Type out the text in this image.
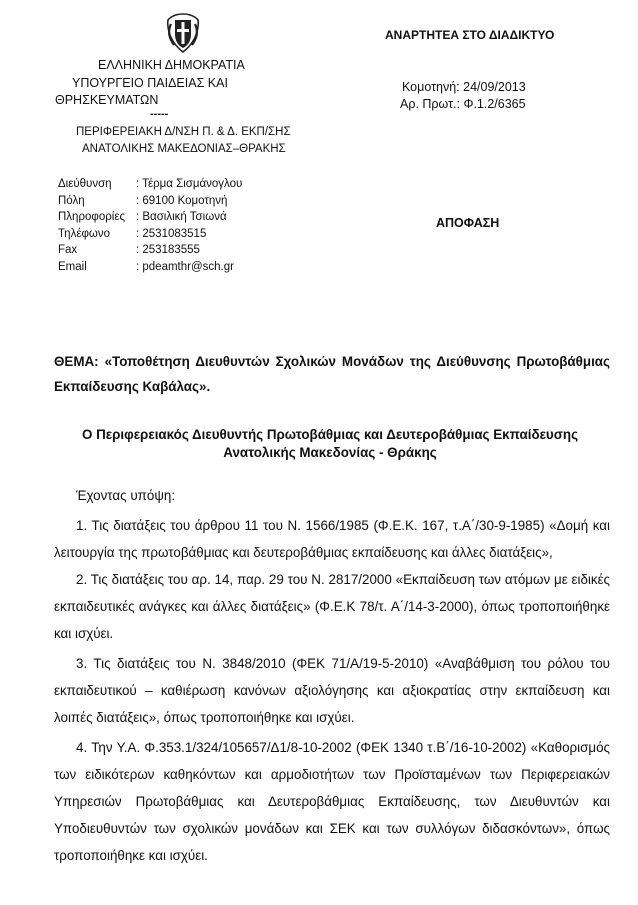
ΕΛΛΗΝΙΚΗ ΔΗΜΟΚΡΑΤΙΑ
ΥΠΟΥΡΓΕΙΟ ΠΑΙΔΕΙΑΣ ΚΑΙ
ΘΡΗΣΚΕΥΜΑΤΩΝ
-----
ΠΕΡΙΦΕΡΕΙΑΚΗ Δ/ΝΣΗ Π. & Δ. ΕΚΠ/ΣΗΣ
ΑΝΑΤΟΛΙΚΗΣ ΜΑΚΕΔΟΝΙΑΣ–ΘΡΑΚΗΣ
ΑΝΑΡΤΗΤΕΑ ΣΤΟ ΔΙΑΔΙΚΤΥΟ
Κομοτηνή: 24/09/2013
Αρ. Πρωτ.: Φ.1.2/6365
ΑΠΟΦΑΣΗ
Διεύθυνση	: Τέρμα Σισμάνογλου
Πόλη	: 69100 Κομοτηνή
Πληροφορίες : Βασιλική Τσιωνά
Τηλέφωνο	: 2531083515
Fax	: 253183555
Email	: pdeamthr@sch.gr
ΘΕΜΑ: «Τοποθέτηση Διευθυντών Σχολικών Μονάδων της Διεύθυνσης Πρωτοβάθμιας Εκπαίδευσης Καβάλας».
Ο Περιφερειακός Διευθυντής Πρωτοβάθμιας και Δευτεροβάθμιας Εκπαίδευσης
Ανατολικής Μακεδονίας - Θράκης
Έχοντας υπόψη:

1. Τις διατάξεις του άρθρου 11 του Ν. 1566/1985 (Φ.Ε.Κ. 167, τ.Α΄/30-9-1985) «Δομή και λειτουργία της πρωτοβάθμιας και δευτεροβάθμιας εκπαίδευσης και άλλες διατάξεις»,

2. Τις διατάξεις του αρ. 14, παρ. 29 του Ν. 2817/2000 «Εκπαίδευση των ατόμων με ειδικές εκπαιδευτικές ανάγκες και άλλες διατάξεις» (Φ.Ε.Κ 78/τ. Α΄/14-3-2000), όπως τροποποιήθηκε και ισχύει.

3. Τις διατάξεις του Ν. 3848/2010 (ΦΕΚ 71/Α/19-5-2010) «Αναβάθμιση του ρόλου του εκπαιδευτικού – καθιέρωση κανόνων αξιολόγησης και αξιοκρατίας στην εκπαίδευση και λοιπές διατάξεις», όπως τροποποιήθηκε και ισχύει.

4. Την Υ.Α. Φ.353.1/324/105657/Δ1/8-10-2002 (ΦΕΚ 1340 τ.Β΄/16-10-2002) «Καθορισμός των ειδικότερων καθηκόντων και αρμοδιοτήτων των Προϊσταμένων των Περιφερειακών Υπηρεσιών Πρωτοβάθμιας και Δευτεροβάθμιας Εκπαίδευσης, των Διευθυντών και Υποδιευθυντών των σχολικών μονάδων και ΣΕΚ και των συλλόγων διδασκόντων», όπως τροποποιήθηκε και ισχύει.
